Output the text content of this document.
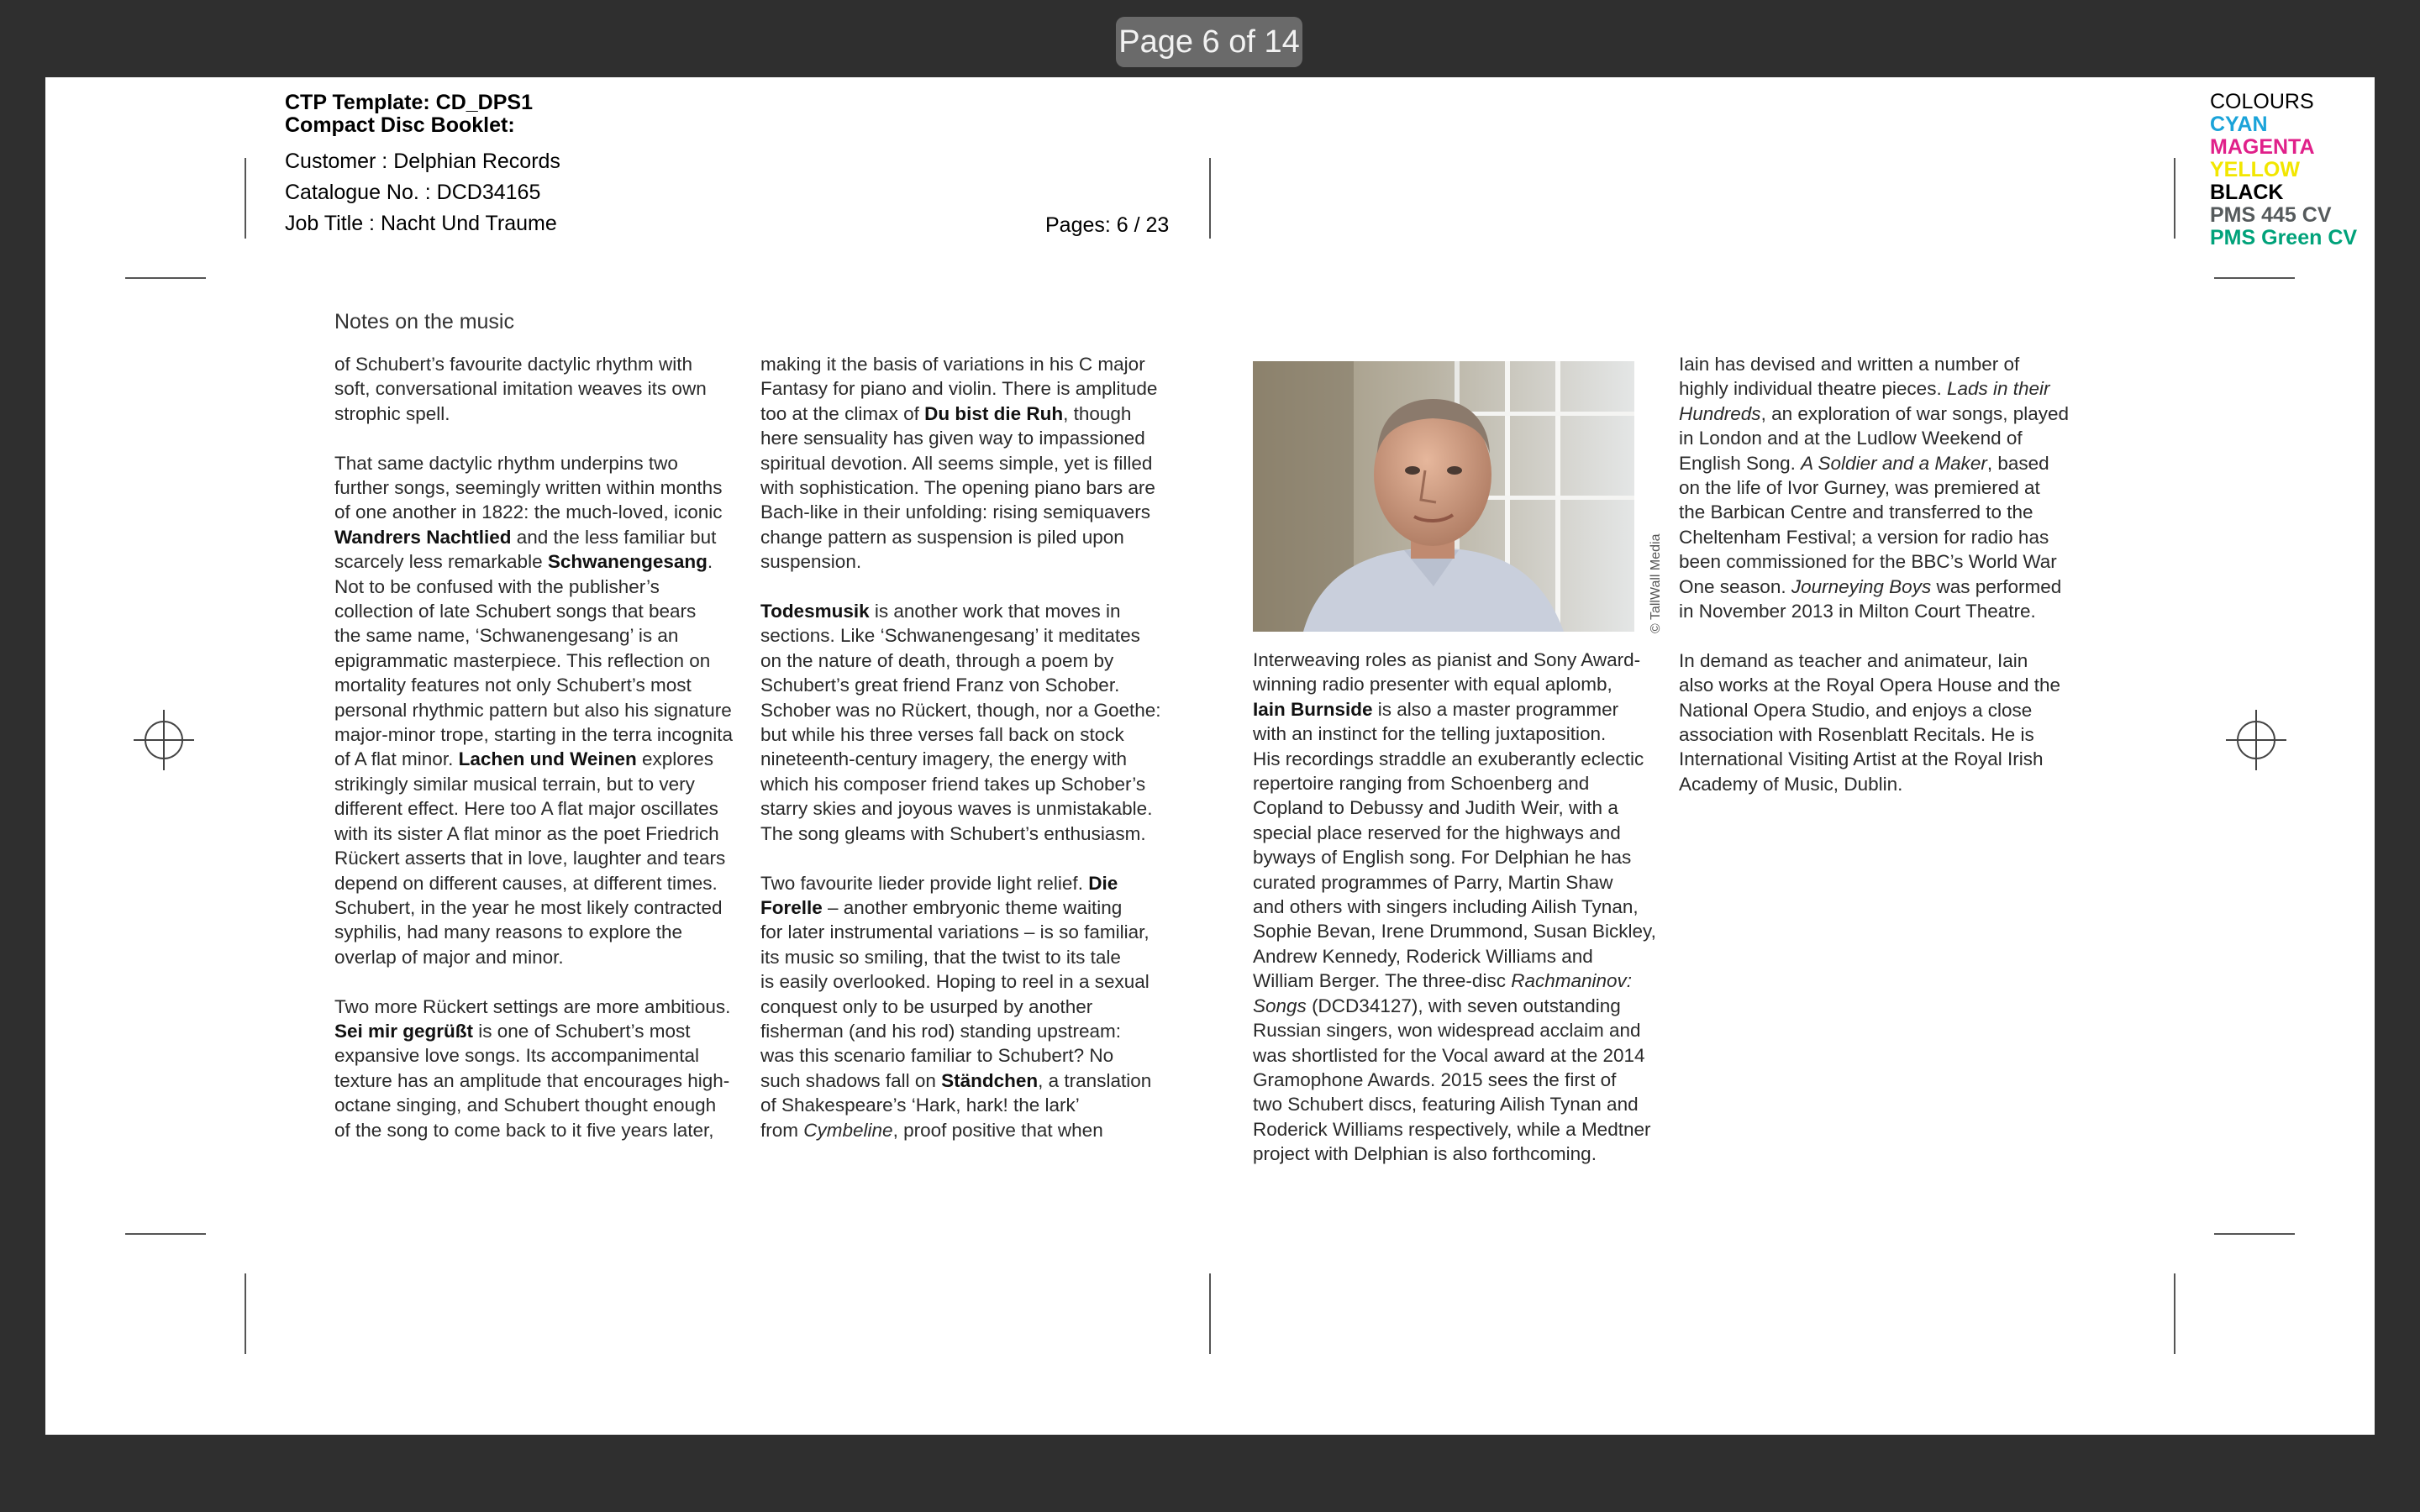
Page 6 of 14
CTP Template: CD_DPS1
Compact Disc Booklet:
Customer : Delphian Records
Catalogue No. : DCD34165
Job Title : Nacht Und Traume	Pages: 6 / 23
COLOURS
CYAN
MAGENTA
YELLOW
BLACK
PMS 445 CV
PMS Green CV
Notes on the music

of Schubert’s favourite dactylic rhythm with
soft, conversational imitation weaves its own
strophic spell.

That same dactylic rhythm underpins two
further songs, seemingly written within months
of one another in 1822: the much-loved, iconic
Wandrers Nachtlied and the less familiar but
scarcely less remarkable Schwanengesang.
Not to be confused with the publisher’s
collection of late Schubert songs that bears
the same name, ‘Schwanengesang’ is an
epigrammatic masterpiece. This reflection on
mortality features not only Schubert’s most
personal rhythmic pattern but also his signature
major-minor trope, starting in the terra incognita
of A flat minor. Lachen und Weinen explores
strikingly similar musical terrain, but to very
different effect. Here too A flat major oscillates
with its sister A flat minor as the poet Friedrich
Rückert asserts that in love, laughter and tears
depend on different causes, at different times.
Schubert, in the year he most likely contracted
syphilis, had many reasons to explore the
overlap of major and minor.

Two more Rückert settings are more ambitious.
Sei mir gegrüßt is one of Schubert’s most
expansive love songs. Its accompanimental
texture has an amplitude that encourages high-
octane singing, and Schubert thought enough
of the song to come back to it five years later,

making it the basis of variations in his C major
Fantasy for piano and violin. There is amplitude
too at the climax of Du bist die Ruh, though
here sensuality has given way to impassioned
spiritual devotion. All seems simple, yet is filled
with sophistication. The opening piano bars are
Bach-like in their unfolding: rising semiquavers
change pattern as suspension is piled upon
suspension.

Todesmusik is another work that moves in
sections. Like ‘Schwanengesang’ it meditates
on the nature of death, through a poem by
Schubert’s great friend Franz von Schober.
Schober was no Rückert, though, nor a Goethe:
but while his three verses fall back on stock
nineteenth-century imagery, the energy with
which his composer friend takes up Schober’s
starry skies and joyous waves is unmistakable.
The song gleams with Schubert’s enthusiasm.

Two favourite lieder provide light relief. Die
Forelle – another embryonic theme waiting
for later instrumental variations – is so familiar,
its music so smiling, that the twist to its tale
is easily overlooked. Hoping to reel in a sexual
conquest only to be usurped by another
fisherman (and his rod) standing upstream:
was this scenario familiar to Schubert? No
such shadows fall on Ständchen, a translation
of Shakespeare’s ‘Hark, hark! the lark’
from Cymbeline, proof positive that when

© TallWall Media

Interweaving roles as pianist and Sony Award-
winning radio presenter with equal aplomb,
Iain Burnside is also a master programmer
with an instinct for the telling juxtaposition.
His recordings straddle an exuberantly eclectic
repertoire ranging from Schoenberg and
Copland to Debussy and Judith Weir, with a
special place reserved for the highways and
byways of English song. For Delphian he has
curated programmes of Parry, Martin Shaw
and others with singers including Ailish Tynan,
Sophie Bevan, Irene Drummond, Susan Bickley,
Andrew Kennedy, Roderick Williams and
William Berger. The three-disc Rachmaninov:
Songs (DCD34127), with seven outstanding
Russian singers, won widespread acclaim and
was shortlisted for the Vocal award at the 2014
Gramophone Awards. 2015 sees the first of
two Schubert discs, featuring Ailish Tynan and
Roderick Williams respectively, while a Medtner
project with Delphian is also forthcoming.

Iain has devised and written a number of
highly individual theatre pieces. Lads in their
Hundreds, an exploration of war songs, played
in London and at the Ludlow Weekend of
English Song. A Soldier and a Maker, based
on the life of Ivor Gurney, was premiered at
the Barbican Centre and transferred to the
Cheltenham Festival; a version for radio has
been commissioned for the BBC’s World War
One season. Journeying Boys was performed
in November 2013 in Milton Court Theatre.

In demand as teacher and animateur, Iain
also works at the Royal Opera House and the
National Opera Studio, and enjoys a close
association with Rosenblatt Recitals. He is
International Visiting Artist at the Royal Irish
Academy of Music, Dublin.
